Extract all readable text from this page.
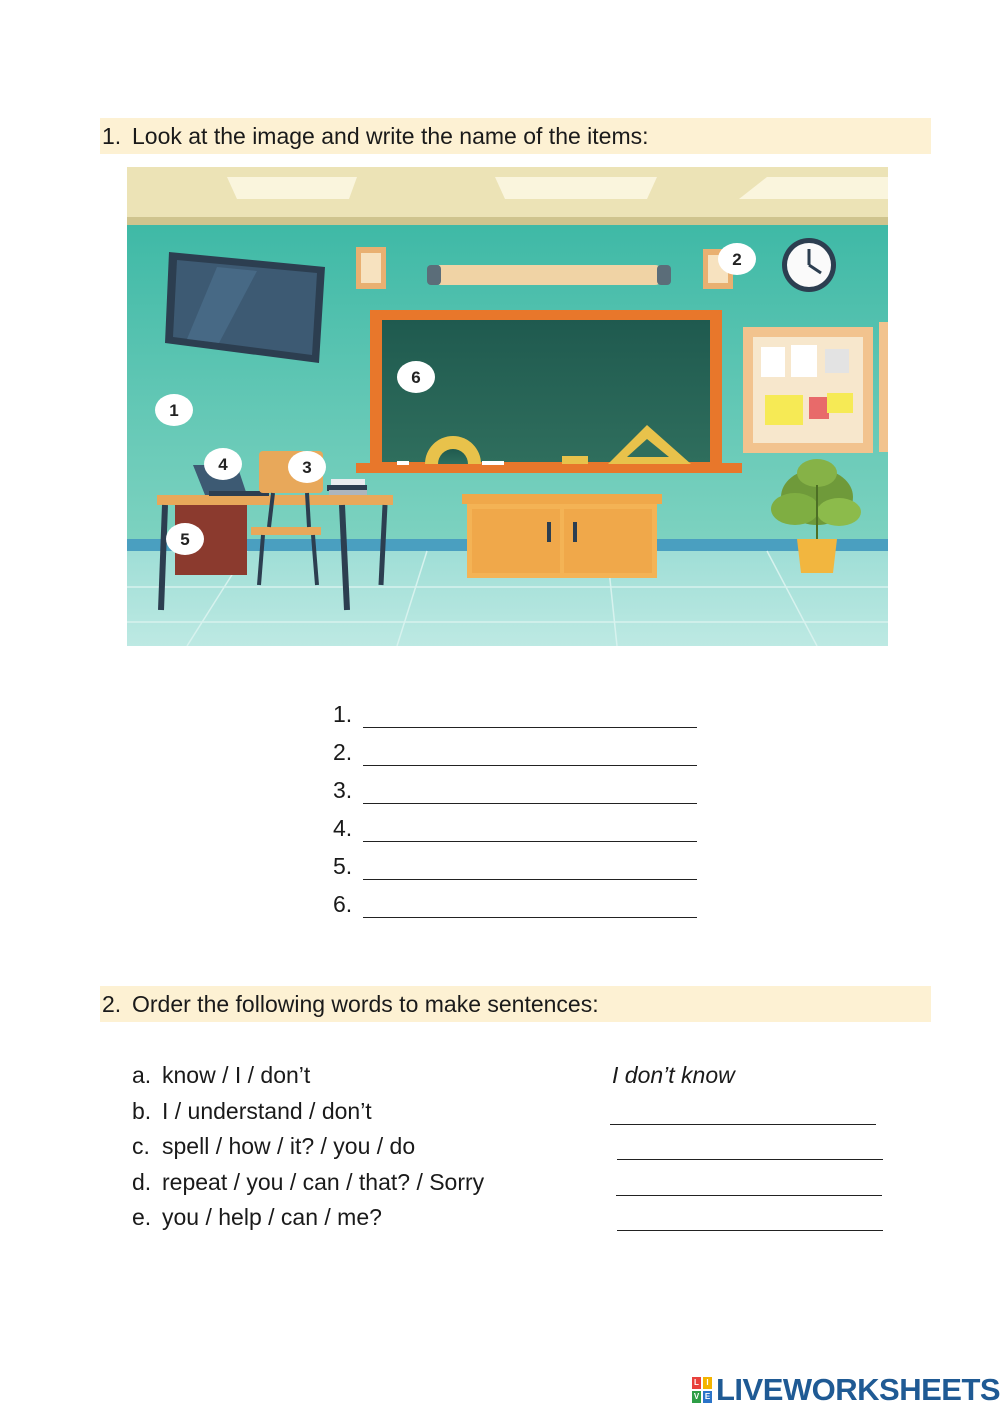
1. Look at the image and write the name of the items:
1
2
3
4
5
6
1.
2.
3.
4.
5.
6.
2. Order the following words to make sentences:
a. know / I / don’t	I don’t know
b. I / understand / don’t
c. spell / how / it? / you / do
d. repeat / you / can / that? / Sorry
e. you / help / can / me?
L I
V E LIVEWORKSHEETS
